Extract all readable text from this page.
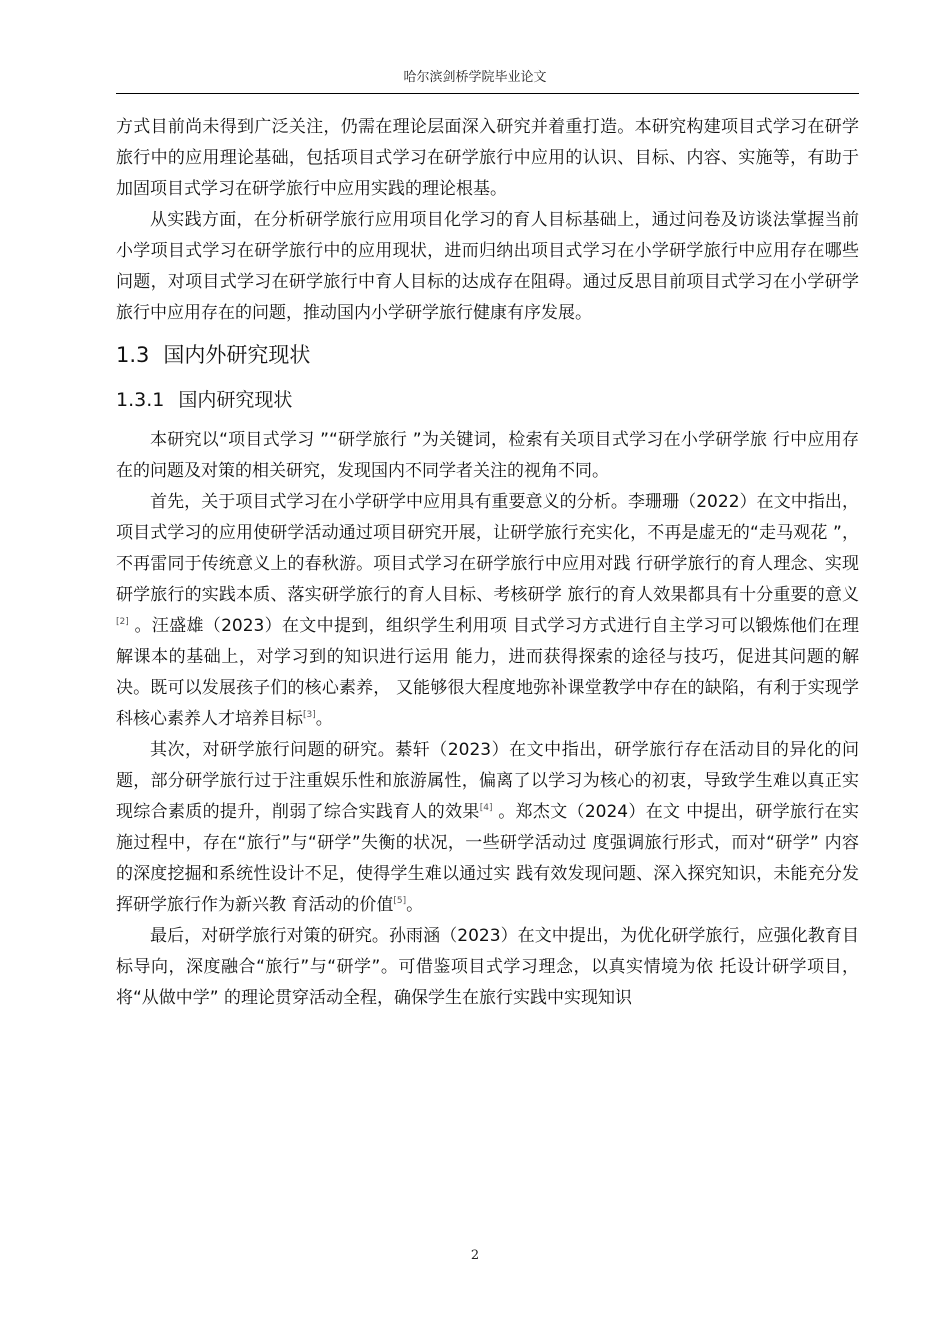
哈尔滨剑桥学院毕业论文

方式目前尚未得到广泛关注，仍需在理论层面深入研究并着重打造。本研究构建项目式学习在研学旅行中的应用理论基础，包括项目式学习在研学旅行中应用的认识、目标、内容、实施等，有助于加固项目式学习在研学旅行中应用实践的理论根基。

从实践方面，在分析研学旅行应用项目化学习的育人目标基础上，通过问卷及访谈法掌握当前小学项目式学习在研学旅行中的应用现状，进而归纳出项目式学习在小学研学旅行中应用存在哪些问题，对项目式学习在研学旅行中育人目标的达成存在阻碍。通过反思目前项目式学习在小学研学旅行中应用存在的问题，推动国内小学研学旅行健康有序发展。

1.3 国内外研究现状
1.3.1 国内研究现状

本研究以“项目式学习 ”“研学旅行 ”为关键词，检索有关项目式学习在小学研学旅 行中应用存在的问题及对策的相关研究，发现国内不同学者关注的视角不同。

首先，关于项目式学习在小学研学中应用具有重要意义的分析。李珊珊（2022）在文中指出，项目式学习的应用使研学活动通过项目研究开展，让研学旅行充实化，不再是虚无的“走马观花 ”，不再雷同于传统意义上的春秋游。项目式学习在研学旅行中应用对践 行研学旅行的育人理念、实现研学旅行的实践本质、落实研学旅行的育人目标、考核研学 旅行的育人效果都具有十分重要的意义[2] 。汪盛雄（2023）在文中提到，组织学生利用项 目式学习方式进行自主学习可以锻炼他们在理解课本的基础上，对学习到的知识进行运用 能力，进而获得探索的途径与技巧，促进其问题的解决。既可以发展孩子们的核心素养， 又能够很大程度地弥补课堂教学中存在的缺陷，有利于实现学科核心素养人才培养目标[3]。

其次，对研学旅行问题的研究。綦轩（2023）在文中指出，研学旅行存在活动目的异化的问题，部分研学旅行过于注重娱乐性和旅游属性，偏离了以学习为核心的初衷，导致学生难以真正实现综合素质的提升，削弱了综合实践育人的效果[4] 。郑杰文（2024）在文 中提出，研学旅行在实施过程中，存在“旅行”与“研学”失衡的状况，一些研学活动过 度强调旅行形式，而对“研学” 内容的深度挖掘和系统性设计不足，使得学生难以通过实 践有效发现问题、深入探究知识，未能充分发挥研学旅行作为新兴教 育活动的价值[5]。

最后，对研学旅行对策的研究。孙雨涵（2023）在文中提出，为优化研学旅行，应强化教育目标导向，深度融合“旅行”与“研学”。可借鉴项目式学习理念，以真实情境为依 托设计研学项目，将“从做中学” 的理论贯穿活动全程，确保学生在旅行实践中实现知识

2
